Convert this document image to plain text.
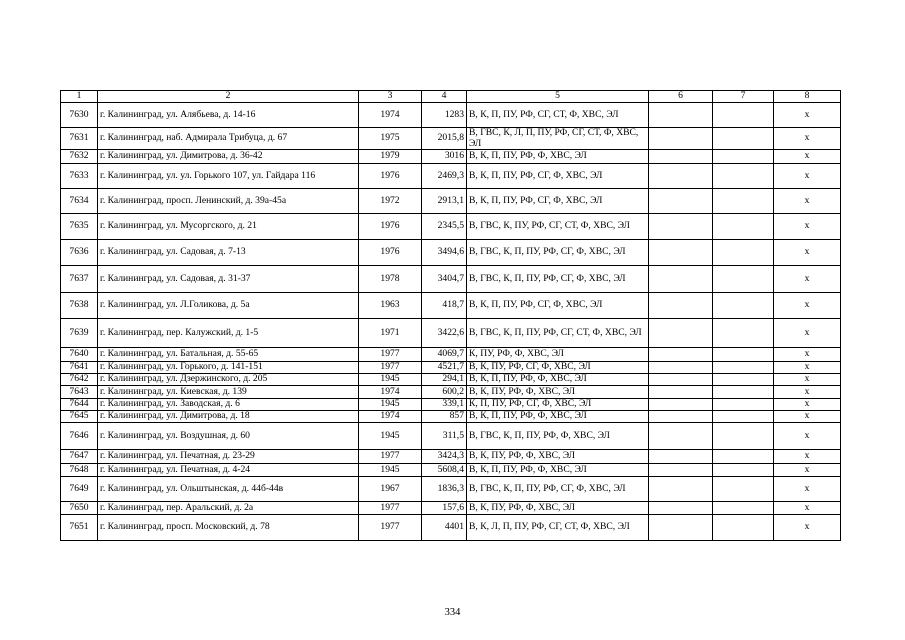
1	2	3	4	5	6	7	8
7630	г. Калининград, ул. Алябьева, д. 14-16	1974	1283	В, К, П, ПУ, РФ, СГ, СТ, Ф, ХВС, ЭЛ			х
7631	г. Калининград, наб. Адмирала Трибуца, д. 67	1975	2015,8	В, ГВС, К, Л, П, ПУ, РФ, СГ, СТ, Ф, ХВС, ЭЛ			х
7632	г. Калининград, ул. Димитрова, д. 36-42	1979	3016	В, К, П, ПУ, РФ, Ф, ХВС, ЭЛ			х
7633	г. Калининград, ул. ул. Горького 107, ул. Гайдара 116	1976	2469,3	В, К, П, ПУ, РФ, СГ, Ф, ХВС, ЭЛ			х
7634	г. Калининград, просп. Ленинский, д. 39а-45а	1972	2913,1	В, К, П, ПУ, РФ, СГ, Ф, ХВС, ЭЛ			х
7635	г. Калининград, ул. Мусоргского, д. 21	1976	2345,5	В, ГВС, К, ПУ, РФ, СГ, СТ, Ф, ХВС, ЭЛ			х
7636	г. Калининград, ул. Садовая, д. 7-13	1976	3494,6	В, ГВС, К, П, ПУ, РФ, СГ, Ф, ХВС, ЭЛ			х
7637	г. Калининград, ул. Садовая, д. 31-37	1978	3404,7	В, ГВС, К, П, ПУ, РФ, СГ, Ф, ХВС, ЭЛ			х
7638	г. Калининград, ул. Л.Голикова, д. 5а	1963	418,7	В, К, П, ПУ, РФ, СГ, Ф, ХВС, ЭЛ			х
7639	г. Калининград, пер. Калужский, д. 1-5	1971	3422,6	В, ГВС, К, П, ПУ, РФ, СГ, СТ, Ф, ХВС, ЭЛ			х
7640	г. Калининград, ул. Батальная, д. 55-65	1977	4069,7	К, ПУ, РФ, Ф, ХВС, ЭЛ			х
7641	г. Калининград, ул. Горького, д. 141-151	1977	4521,7	В, К, ПУ, РФ, СГ, Ф, ХВС, ЭЛ			х
7642	г. Калининград, ул. Дзержинского, д. 205	1945	294,1	В, К, П, ПУ, РФ, Ф, ХВС, ЭЛ			х
7643	г. Калининград, ул. Киевская, д. 139	1974	600,2	В, К, ПУ, РФ, Ф, ХВС, ЭЛ			х
7644	г. Калининград, ул. Заводская, д. 6	1945	339,1	К, П, ПУ, РФ, СГ, Ф, ХВС, ЭЛ			х
7645	г. Калининград, ул. Димитрова, д. 18	1974	857	В, К, П, ПУ, РФ, Ф, ХВС, ЭЛ			х
7646	г. Калининград, ул. Воздушная, д. 60	1945	311,5	В, ГВС, К, П, ПУ, РФ, Ф, ХВС, ЭЛ			х
7647	г. Калининград, ул. Печатная, д. 23-29	1977	3424,3	В, К, ПУ, РФ, Ф, ХВС, ЭЛ			х
7648	г. Калининград, ул. Печатная, д. 4-24	1945	5608,4	В, К, П, ПУ, РФ, Ф, ХВС, ЭЛ			х
7649	г. Калининград, ул. Ольштынская, д. 44б-44в	1967	1836,3	В, ГВС, К, П, ПУ, РФ, СГ, Ф, ХВС, ЭЛ			х
7650	г. Калининград, пер. Аральский, д. 2а	1977	157,6	В, К, ПУ, РФ, Ф, ХВС, ЭЛ			х
7651	г. Калининград, просп. Московский, д. 78	1977	4401	В, К, Л, П, ПУ, РФ, СГ, СТ, Ф, ХВС, ЭЛ			х
334
